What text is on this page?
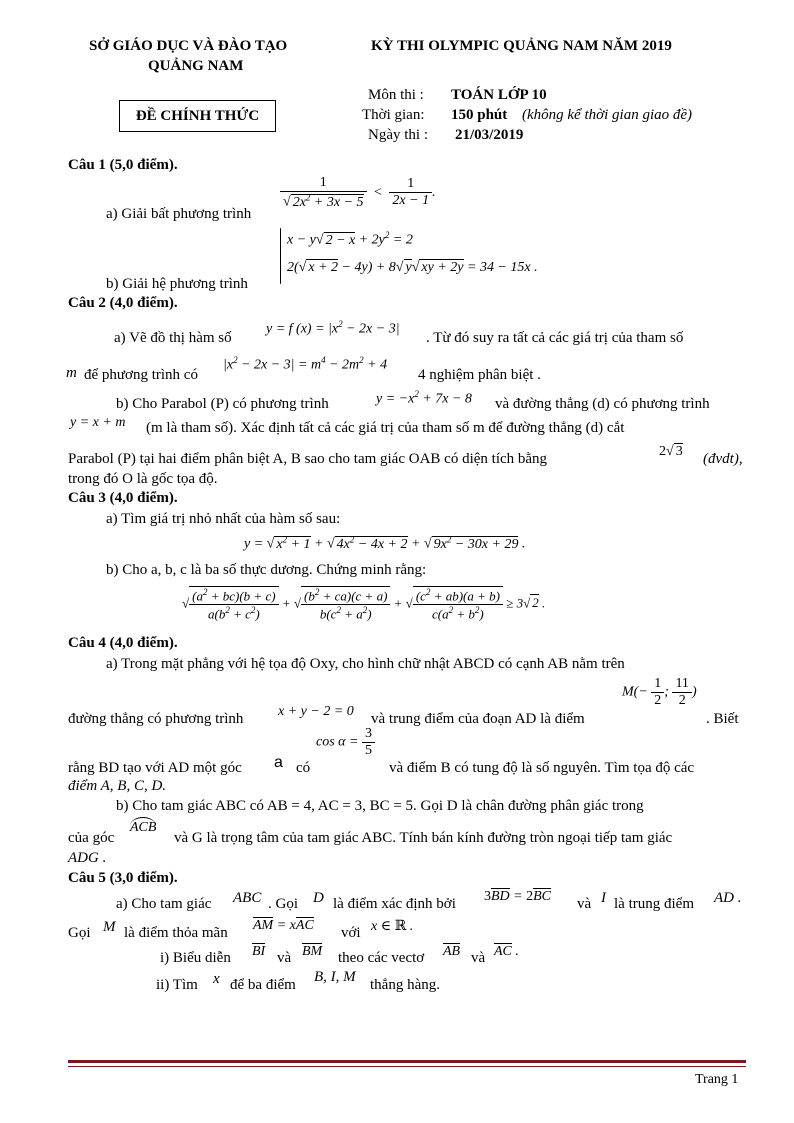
SỞ GIÁO DỤC VÀ ĐÀO TẠO
QUẢNG NAM
KỲ THI OLYMPIC QUẢNG NAM NĂM 2019
ĐỀ CHÍNH THỨC
Môn thi : TOÁN LỚP 10
Thời gian: 150 phút (không kể thời gian giao đề)
Ngày thi : 21/03/2019
Câu 1 (5,0 điểm).
a) Giải bất phương trình
$\frac{1}{√ 2x^2 + 3x - 5} < \frac{1}{2x - 1}$ .
x − y√ $2 - x + 2y^2 = 2$
2(√ x + 2 − 4y) + 8√ y√ xy + 2y = 34 − 15x .
b) Giải hệ phương trình
Câu 2 (4,0 điểm).
a) Vẽ đồ thị hàm số
y = f $(x) = |x^2 - 2x - 3|$
. Từ đó suy ra tất cả các giá trị của tham số
m để phương trình có
$|x^2 - 2x - 3| = m^4 - 2m^2 + 4$
4 nghiệm phân biệt .
b) Cho Parabol (P) có phương trình	$y = -x^2 + 7x - 8$ và đường thẳng (d) có phương trình
y = x + m (m là tham số). Xác định tất cả các giá trị của tham số m để đường thẳng (d) cắt
Parabol (P) tại hai điểm phân biệt A, B sao cho tam giác OAB có diện tích bằng	2√ 3 (đvdt),
trong đó O là gốc tọa độ.
Câu 3 (4,0 điểm).
a) Tìm giá trị nhỏ nhất của hàm số sau:
y = √ $x^2 + 1$ + √ $4x^2 - 4x + 2$ + √ $9x^2 - 30x + 29$ .
b) Cho a, b, c là ba số thực dương. Chứng minh rằng:
√ $\frac{(a^2 + bc)(b + c)}{a(b^2 + c^2)}$ + √ $\frac{(b^2 + ca)(c + a)}{b(c^2 + a^2)}$ + √ $\frac{(c^2 + ab)(a + b)}{c(a^2 + b^2)} \ge 3√$ 2 .
Câu 4 (4,0 điểm).
a) Trong mặt phẳng với hệ tọa độ Oxy, cho hình chữ nhật ABCD có cạnh AB nằm trên
đường thẳng có phương trình x + y − 2 = 0 và trung điểm của đoạn AD là điểm
$M(- \frac{1}{2}$ ; $\frac{11}{2}$ )
. Biết
rằng BD tạo với AD một góc a có
$\cos \alpha = \frac{3}{5}$
và điểm B có tung độ là số nguyên. Tìm tọa độ các
điểm A, B, C, D.
b) Cho tam giác ABC có AB = 4, AC = 3, BC = 5. Gọi D là chân đường phân giác trong
của góc
ACB
và G là trọng tâm của tam giác ABC. Tính bán kính đường tròn ngoại tiếp tam giác
ADG .
Câu 5 (3,0 điểm).
a) Cho tam giác ABC . Gọi D là điểm xác định bởi 3BD = 2BC và I là trung điểm AD .
Gọi M là điểm thỏa mãn AM = xAC với x ∈ ℝ .
i) Biểu diễn BI và BM theo các vectơ AB và AC .
ii) Tìm x để ba điểm B, I, M thẳng hàng.
Trang 1
